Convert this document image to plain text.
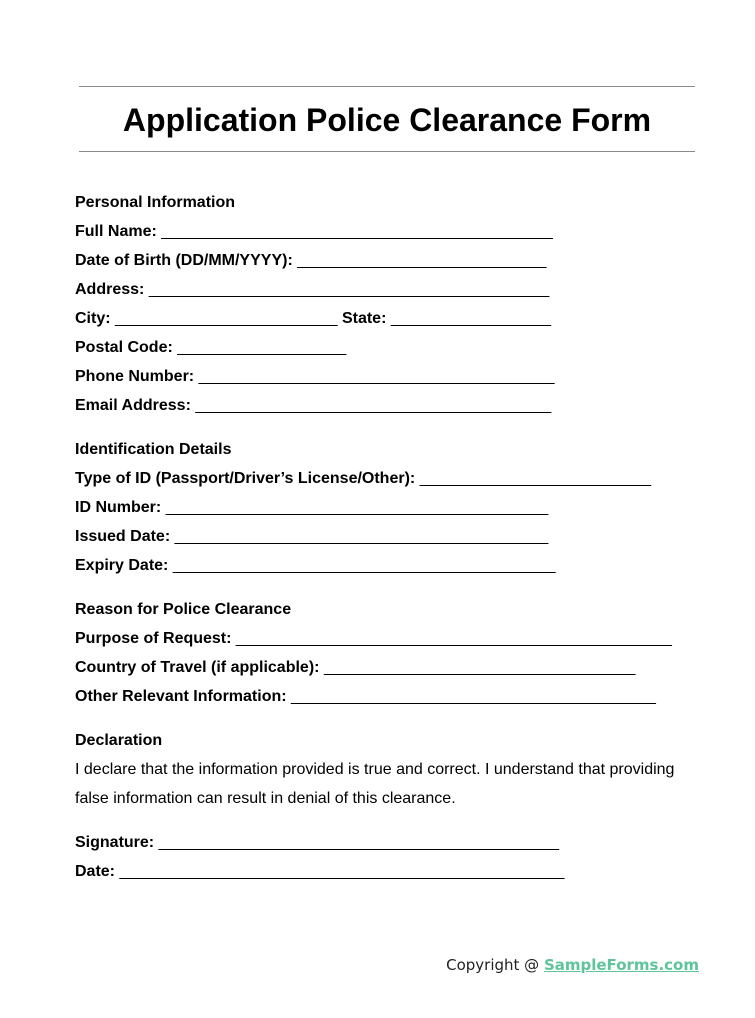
Application Police Clearance Form
Personal Information
Full Name: ____________________________________________
Date of Birth (DD/MM/YYYY): ____________________________
Address: _____________________________________________
City: _________________________ State: __________________
Postal Code: ___________________
Phone Number: ________________________________________
Email Address: ________________________________________
Identification Details
Type of ID (Passport/Driver’s License/Other): __________________________
ID Number: ___________________________________________
Issued Date: __________________________________________
Expiry Date: ___________________________________________
Reason for Police Clearance
Purpose of Request: _________________________________________________
Country of Travel (if applicable): ___________________________________
Other Relevant Information: _________________________________________
Declaration
I declare that the information provided is true and correct. I understand that providing false information can result in denial of this clearance.
Signature: _____________________________________________
Date: __________________________________________________
Copyright @ SampleForms.com
